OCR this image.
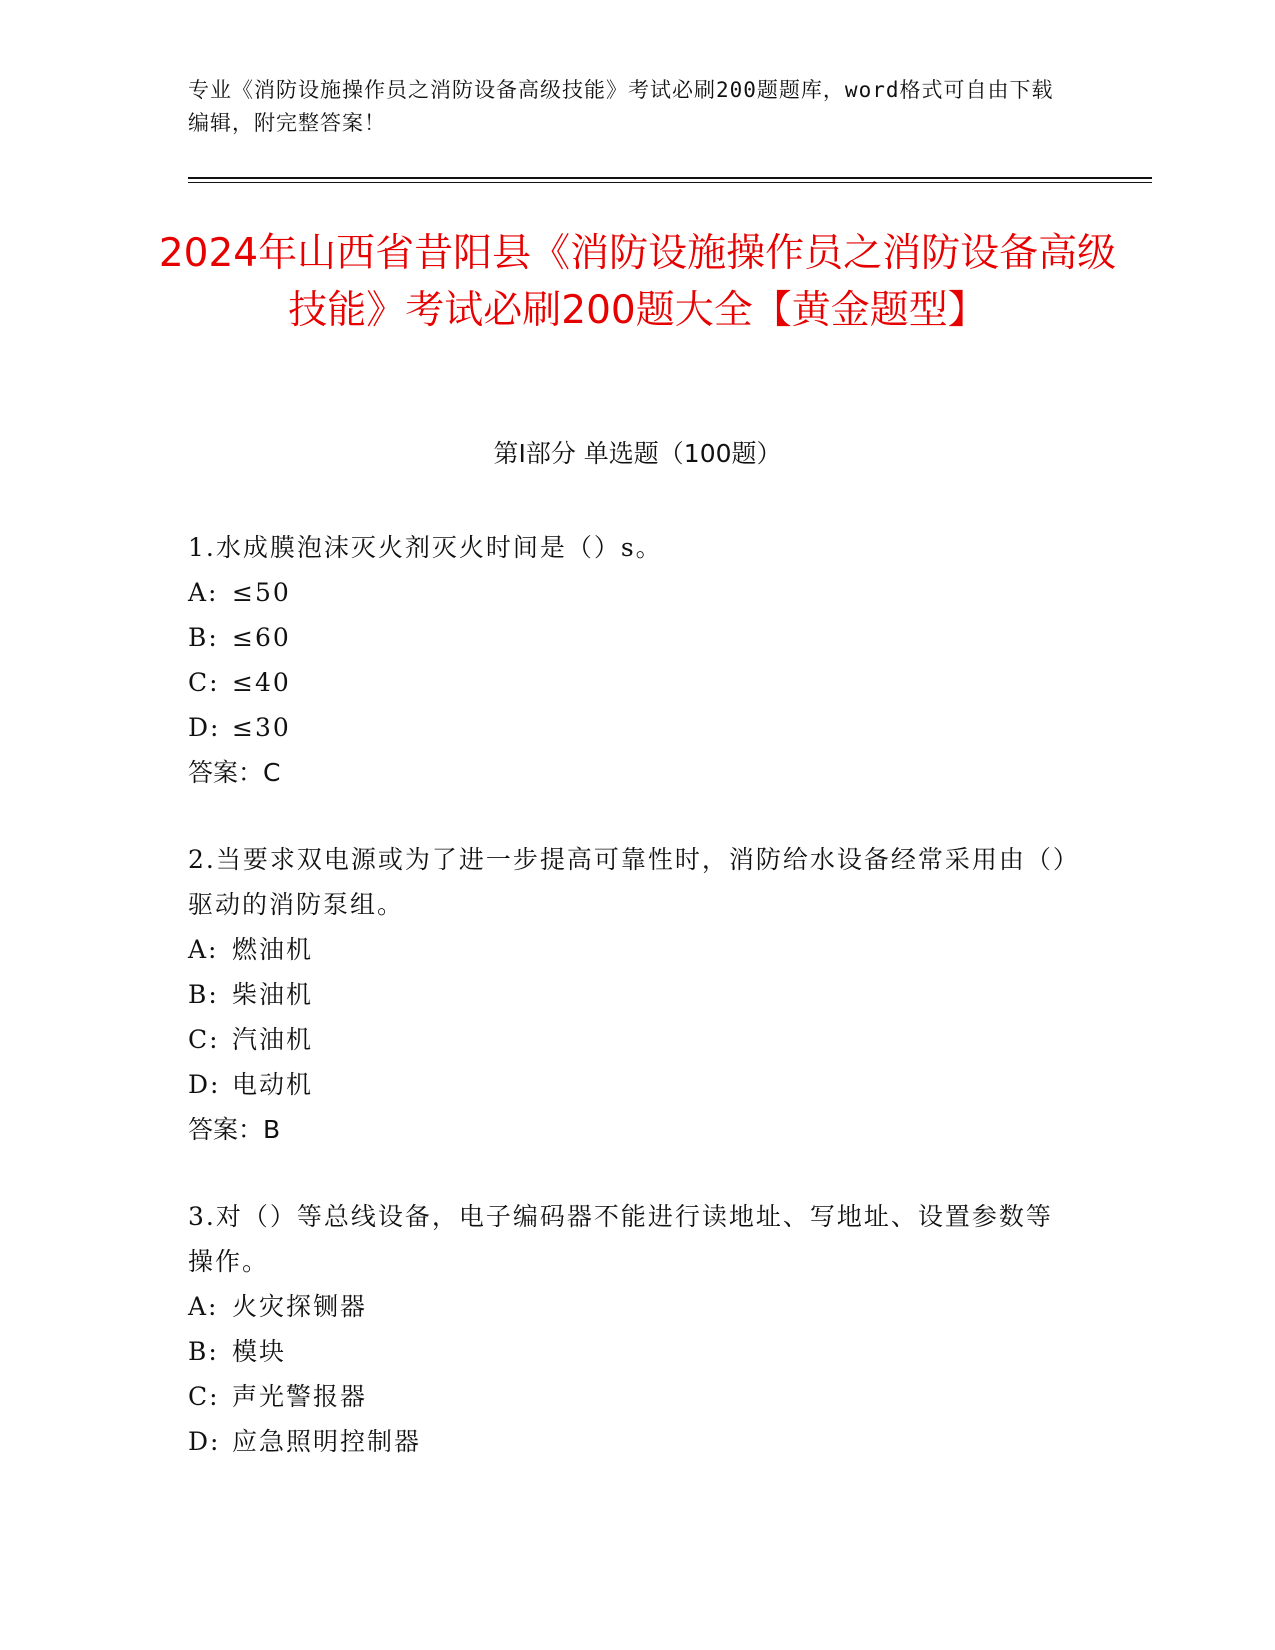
专业《消防设施操作员之消防设备高级技能》考试必刷200题题库，word格式可自由下载编辑，附完整答案！
2024年山西省昔阳县《消防设施操作员之消防设备高级技能》考试必刷200题大全【黄金题型】
第I部分 单选题（100题）
1.水成膜泡沫灭火剂灭火时间是（）s。
A: ≤50
B: ≤60
C: ≤40
D: ≤30
答案：C
2.当要求双电源或为了进一步提高可靠性时，消防给水设备经常采用由（）驱动的消防泵组。
A: 燃油机
B: 柴油机
C: 汽油机
D: 电动机
答案：B
3.对（）等总线设备，电子编码器不能进行读地址、写地址、设置参数等操作。
A: 火灾探铡器
B: 模块
C: 声光警报器
D: 应急照明控制器
